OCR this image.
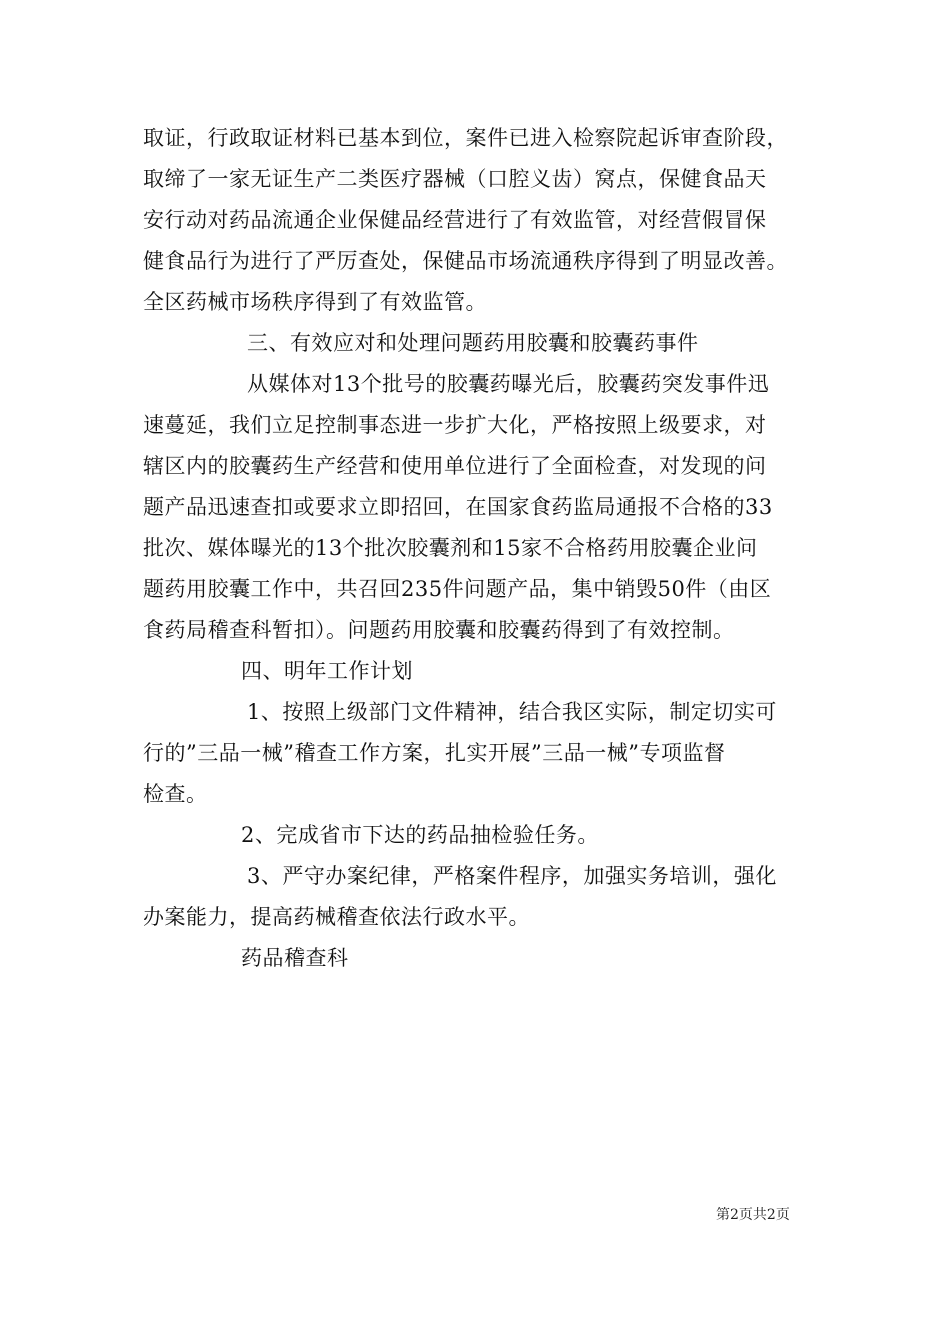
取证，行政取证材料已基本到位，案件已进入检察院起诉审查阶段，
取缔了一家无证生产二类医疗器械（口腔义齿）窝点，保健食品天
安行动对药品流通企业保健品经营进行了有效监管，对经营假冒保
健食品行为进行了严厉查处，保健品市场流通秩序得到了明显改善。
全区药械市场秩序得到了有效监管。
三、有效应对和处理问题药用胶囊和胶囊药事件
从媒体对13个批号的胶囊药曝光后，胶囊药突发事件迅
速蔓延，我们立足控制事态进一步扩大化，严格按照上级要求，对
辖区内的胶囊药生产经营和使用单位进行了全面检查，对发现的问
题产品迅速查扣或要求立即招回，在国家食药监局通报不合格的33
批次、媒体曝光的13个批次胶囊剂和15家不合格药用胶囊企业问
题药用胶囊工作中，共召回235件问题产品，集中销毁50件（由区
食药局稽查科暂扣）。问题药用胶囊和胶囊药得到了有效控制。
四、明年工作计划
1、按照上级部门文件精神，结合我区实际，制定切实可
行的”三品一械”稽查工作方案，扎实开展”三品一械”专项监督
检查。
2、完成省市下达的药品抽检验任务。
3、严守办案纪律，严格案件程序，加强实务培训，强化
办案能力，提高药械稽查依法行政水平。
药品稽查科
第2页共2页
